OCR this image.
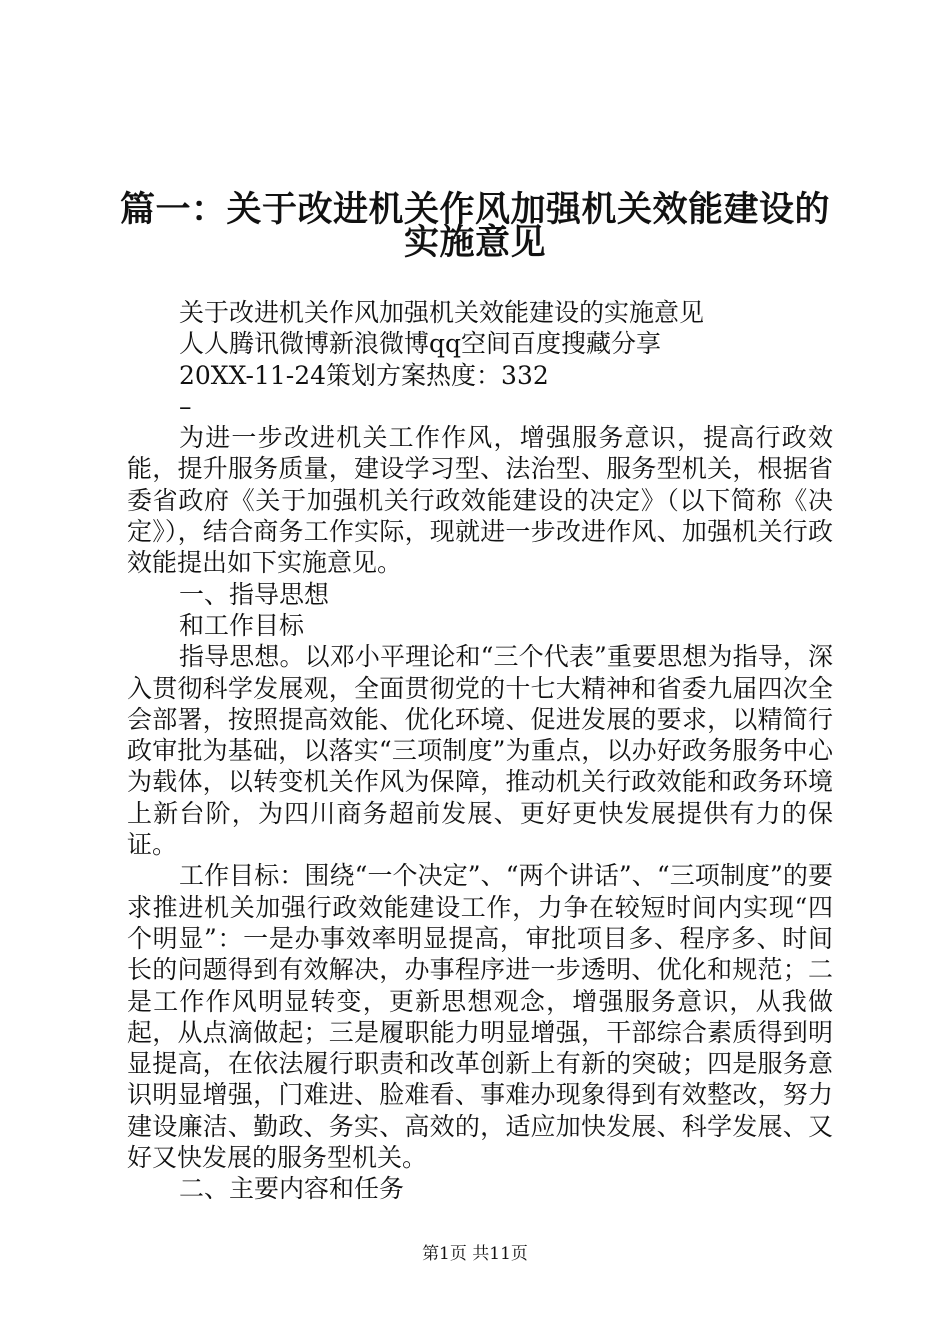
篇一：关于改进机关作风加强机关效能建设的
实施意见

关于改进机关作风加强机关效能建设的实施意见

人人腾讯微博新浪微博qq空间百度搜藏分享

20XX-11-24策划方案热度：332

–

为进一步改进机关工作作风，增强服务意识，提高行政效能，提升服务质量，建设学习型、法治型、服务型机关，根据省委省政府《关于加强机关行政效能建设的决定》（以下简称《决定》），结合商务工作实际，现就进一步改进作风、加强机关行政效能提出如下实施意见。

一、指导思想

和工作目标

指导思想。以邓小平理论和“三个代表”重要思想为指导，深入贯彻科学发展观，全面贯彻党的十七大精神和省委九届四次全会部署，按照提高效能、优化环境、促进发展的要求，以精简行政审批为基础，以落实“三项制度”为重点，以办好政务服务中心为载体，以转变机关作风为保障，推动机关行政效能和政务环境上新台阶，为四川商务超前发展、更好更快发展提供有力的保证。

工作目标：围绕“一个决定”、“两个讲话”、“三项制度”的要求推进机关加强行政效能建设工作，力争在较短时间内实现“四个明显”：一是办事效率明显提高，审批项目多、程序多、时间长的问题得到有效解决，办事程序进一步透明、优化和规范；二是工作作风明显转变，更新思想观念，增强服务意识，从我做起，从点滴做起；三是履职能力明显增强，干部综合素质得到明显提高，在依法履行职责和改革创新上有新的突破；四是服务意识明显增强，门难进、脸难看、事难办现象得到有效整改，努力建设廉洁、勤政、务实、高效的，适应加快发展、科学发展、又好又快发展的服务型机关。

二、主要内容和任务

第1页 共11页
